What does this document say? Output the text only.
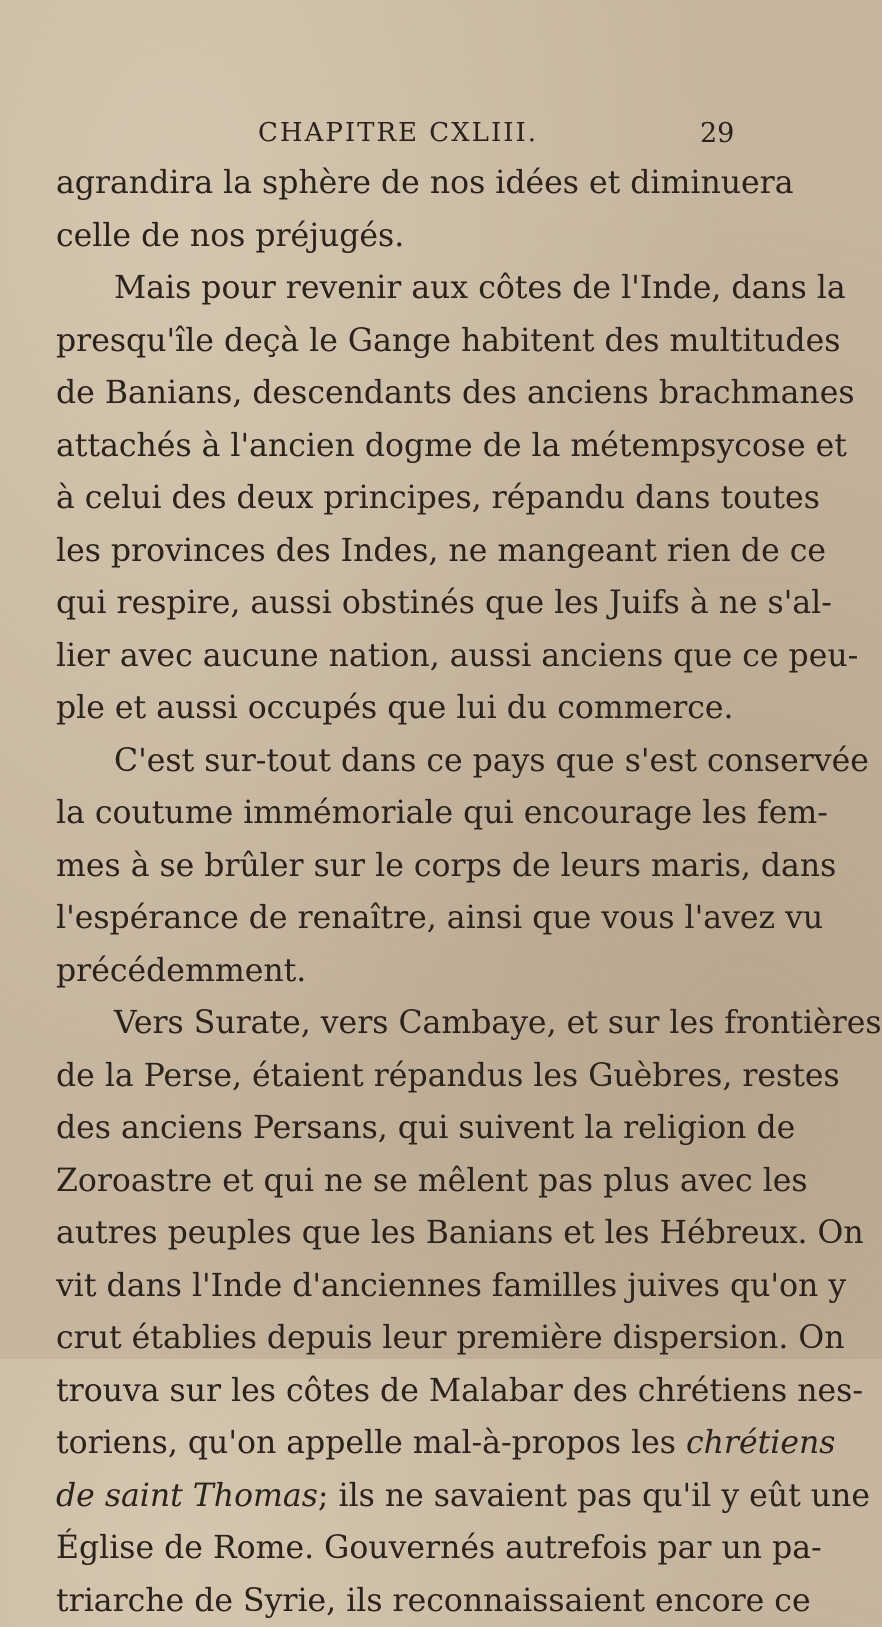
CHAPITRE CXLIII.	29
agrandira la sphère de nos idées et diminuera
celle de nos préjugés.
Mais pour revenir aux côtes de l'Inde, dans la
presqu'île deçà le Gange habitent des multitudes
de Banians, descendants des anciens brachmanes
attachés à l'ancien dogme de la métempsycose et
à celui des deux principes, répandu dans toutes
les provinces des Indes, ne mangeant rien de ce
qui respire, aussi obstinés que les Juifs à ne s'al-
lier avec aucune nation, aussi anciens que ce peu-
ple et aussi occupés que lui du commerce.
C'est sur-tout dans ce pays que s'est conservée
la coutume immémoriale qui encourage les fem-
mes à se brûler sur le corps de leurs maris, dans
l'espérance de renaître, ainsi que vous l'avez vu
précédemment.
Vers Surate, vers Cambaye, et sur les frontières
de la Perse, étaient répandus les Guèbres, restes
des anciens Persans, qui suivent la religion de
Zoroastre et qui ne se mêlent pas plus avec les
autres peuples que les Banians et les Hébreux. On
vit dans l'Inde d'anciennes familles juives qu'on y
crut établies depuis leur première dispersion. On
trouva sur les côtes de Malabar des chrétiens nes-
toriens, qu'on appelle mal-à-propos les chrétiens
de saint Thomas; ils ne savaient pas qu'il y eût une
Église de Rome. Gouvernés autrefois par un pa-
triarche de Syrie, ils reconnaissaient encore ce
